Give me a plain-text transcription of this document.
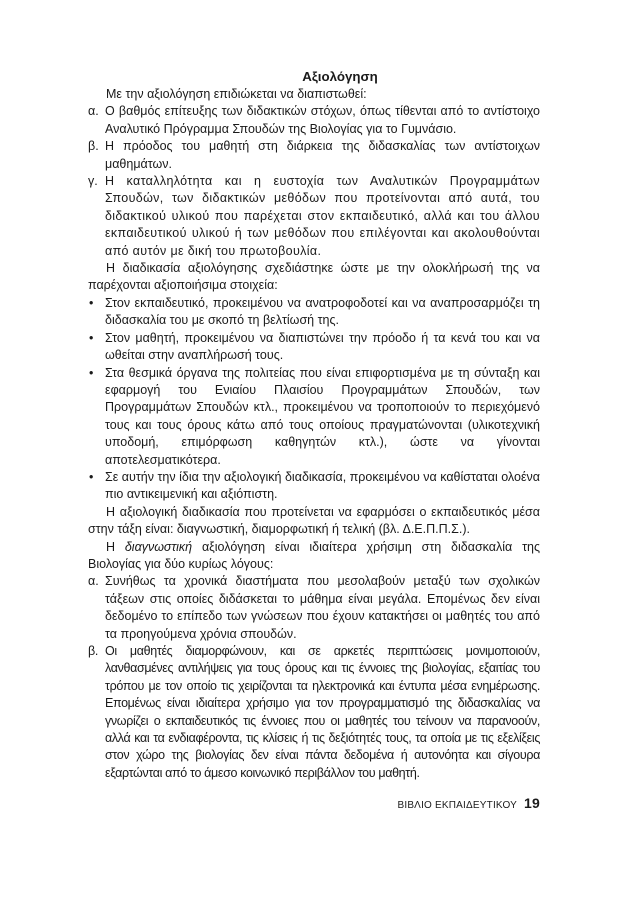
Αξιολόγηση

Με την αξιολόγηση επιδιώκεται να διαπιστωθεί:

α. Ο βαθμός επίτευξης των διδακτικών στόχων, όπως τίθενται από το αντίστοιχο Αναλυτικό Πρόγραμμα Σπουδών της Βιολογίας για το Γυμνάσιο.
β. Η πρόοδος του μαθητή στη διάρκεια της διδασκαλίας των αντίστοιχων μαθημάτων.
γ. Η καταλληλότητα και η ευστοχία των Αναλυτικών Προγραμμάτων Σπουδών, των διδακτικών μεθόδων που προτείνονται από αυτά, του διδακτικού υλικού που παρέχεται στον εκπαιδευτικό, αλλά και του άλλου εκπαιδευτικού υλικού ή των μεθόδων που επιλέγονται και ακολουθούνται από αυτόν με δική του πρωτοβουλία.

Η διαδικασία αξιολόγησης σχεδιάστηκε ώστε με την ολοκλήρωσή της να παρέχονται αξιοποιήσιμα στοιχεία:

• Στον εκπαιδευτικό, προκειμένου να ανατροφοδοτεί και να αναπροσαρμόζει τη διδασκαλία του με σκοπό τη βελτίωσή της.
• Στον μαθητή, προκειμένου να διαπιστώνει την πρόοδο ή τα κενά του και να ωθείται στην αναπλήρωσή τους.
• Στα θεσμικά όργανα της πολιτείας που είναι επιφορτισμένα με τη σύνταξη και εφαρμογή του Ενιαίου Πλαισίου Προγραμμάτων Σπουδών, των Προγραμμάτων Σπουδών κτλ., προκειμένου να τροποποιούν το περιεχόμενό τους και τους όρους κάτω από τους οποίους πραγματώνονται (υλικοτεχνική υποδομή, επιμόρφωση καθηγητών κτλ.), ώστε να γίνονται αποτελεσματικότερα.
• Σε αυτήν την ίδια την αξιολογική διαδικασία, προκειμένου να καθίσταται ολοένα πιο αντικειμενική και αξιόπιστη.

Η αξιολογική διαδικασία που προτείνεται να εφαρμόσει ο εκπαιδευτικός μέσα στην τάξη είναι: διαγνωστική, διαμορφωτική ή τελική (βλ. Δ.Ε.Π.Π.Σ.).

Η διαγνωστική αξιολόγηση είναι ιδιαίτερα χρήσιμη στη διδασκαλία της Βιολογίας για δύο κυρίως λόγους:

α. Συνήθως τα χρονικά διαστήματα που μεσολαβούν μεταξύ των σχολικών τάξεων στις οποίες διδάσκεται το μάθημα είναι μεγάλα. Επομένως δεν είναι δεδομένο το επίπεδο των γνώσεων που έχουν κατακτήσει οι μαθητές του από τα προηγούμενα χρόνια σπουδών.
β. Οι μαθητές διαμορφώνουν, και σε αρκετές περιπτώσεις μονιμοποιούν, λανθασμένες αντιλήψεις για τους όρους και τις έννοιες της βιολογίας, εξαιτίας του τρόπου με τον οποίο τις χειρίζονται τα ηλεκτρονικά και έντυπα μέσα ενημέρωσης. Επομένως είναι ιδιαίτερα χρήσιμο για τον προγραμματισμό της διδασκαλίας να γνωρίζει ο εκπαιδευτικός τις έννοιες που οι μαθητές του τείνουν να παρανοούν, αλλά και τα ενδιαφέροντα, τις κλίσεις ή τις δεξιότητές τους, τα οποία με τις εξελίξεις στον χώρο της βιολογίας δεν είναι πάντα δεδομένα ή αυτονόητα και σίγουρα εξαρτώνται από το άμεσο κοινωνικό περιβάλλον του μαθητή.
ΒΙΒΛΙΟ ΕΚΠΑΙΔΕΥΤΙΚΟΥ 19
